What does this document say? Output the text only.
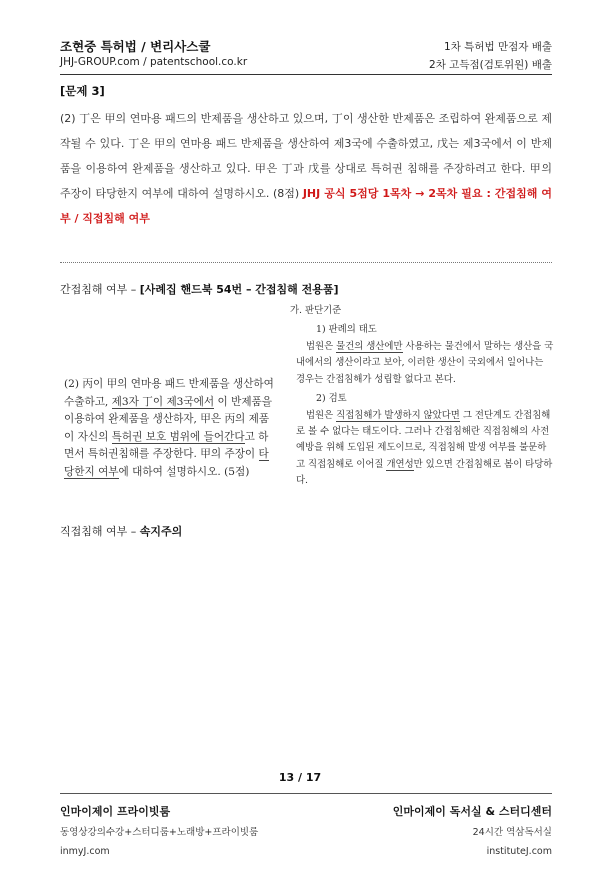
조현중 특허법 / 변리사스쿨
JHJ-GROUP.com / patentschool.co.kr
1차 특허법 만점자 배출
2차 고득점(검토위원) 배출
[문제 3]
(2) 丁은 甲의 연마용 패드의 반제품을 생산하고 있으며, 丁이 생산한 반제품은 조립하여 완제품으로 제작될 수 있다. 丁은 甲의 연마용 패드 반제품을 생산하여 제3국에 수출하였고, 戊는 제3국에서 이 반제품을 이용하여 완제품을 생산하고 있다. 甲은 丁과 戊를 상대로 특허권 침해를 주장하려고 한다. 甲의 주장이 타당한지 여부에 대하여 설명하시오. (8점) JHJ 공식 5점당 1목차 → 2목차 필요 : 간접침해 여부 / 직접침해 여부
간접침해 여부 – [사례집 핸드북 54번 – 간접침해 전용품]
(2) 丙이 甲의 연마용 패드 반제품을 생산하여 수출하고, 제3자 丁이 제3국에서 이 반제품을 이용하여 완제품을 생산하자, 甲은 丙의 제품이 자신의 특허권 보호 범위에 들어간다고 하면서 특허권침해를 주장한다. 甲의 주장이 타당한지 여부에 대하여 설명하시오. (5점)
가. 판단기준
1) 판례의 태도
법원은 물건의 생산에만 사용하는 물건에서 말하는 생산을 국내에서의 생산이라고 보아, 이러한 생산이 국외에서 일어나는 경우는 간접침해가 성립할 없다고 본다.
2) 검토
법원은 직접침해가 발생하지 않았다면 그 전단계도 간접침해로 볼 수 없다는 태도이다. 그러나 간접침해란 직접침해의 사전예방을 위해 도입된 제도이므로, 직접침해 발생 여부를 불문하고 직접침해로 이어질 개연성만 있으면 간접침해로 봄이 타당하다.
직접침해 여부 – 속지주의
13 / 17
인마이제이 프라이빗룸
동영상강의수강+스터디룸+노래방+프라이빗룸
inmyJ.com
인마이제이 독서실 & 스터디센터
24시간 역삼독서실
instituteJ.com
